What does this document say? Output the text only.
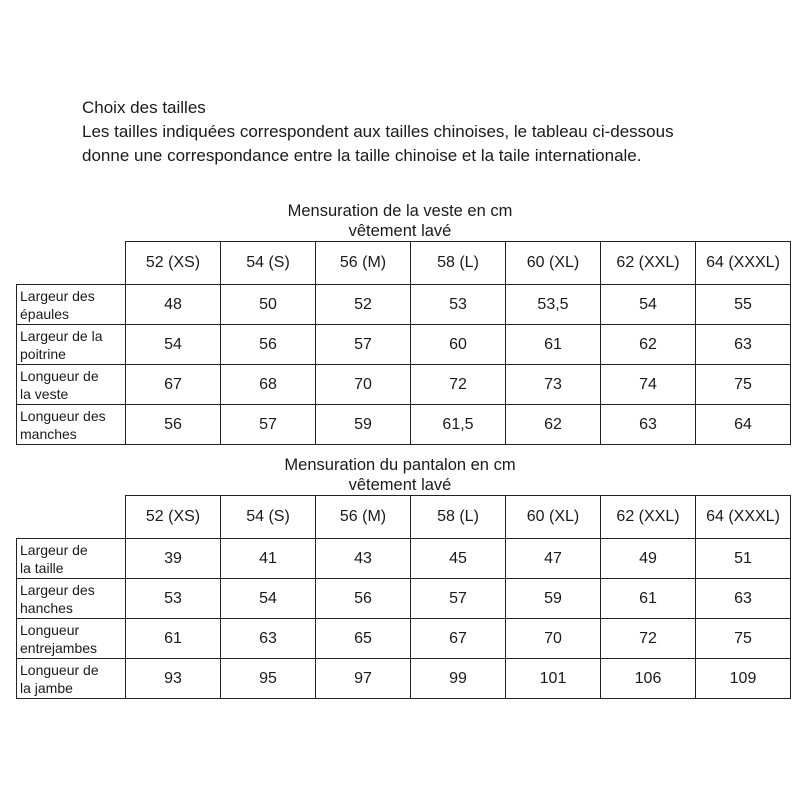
Choix des tailles

Les tailles indiquées correspondent aux tailles chinoises, le tableau ci-dessous

donne une correspondance entre la taille chinoise et la taile internationale.

Mensuration de la veste en cm
vêtement lavé
	52 (XS)	54 (S)	56 (M)	58 (L)	60 (XL)	62 (XXL)	64 (XXXL)

Largeur des
épaules	48	50	52	53	53,5	54	55

Largeur de la
poitrine	54	56	57	60	61	62	63

Longueur de
la veste	67	68	70	72	73	74	75

Longueur des
manches	56	57	59	61,5	62	63	64
Mensuration du pantalon en cm
vêtement lavé
	52 (XS)	54 (S)	56 (M)	58 (L)	60 (XL)	62 (XXL)	64 (XXXL)

Largeur de
la taille	39	41	43	45	47	49	51

Largeur des
hanches	53	54	56	57	59	61	63

Longueur
entrejambes	61	63	65	67	70	72	75

Longueur de
la jambe	93	95	97	99	101	106	109
